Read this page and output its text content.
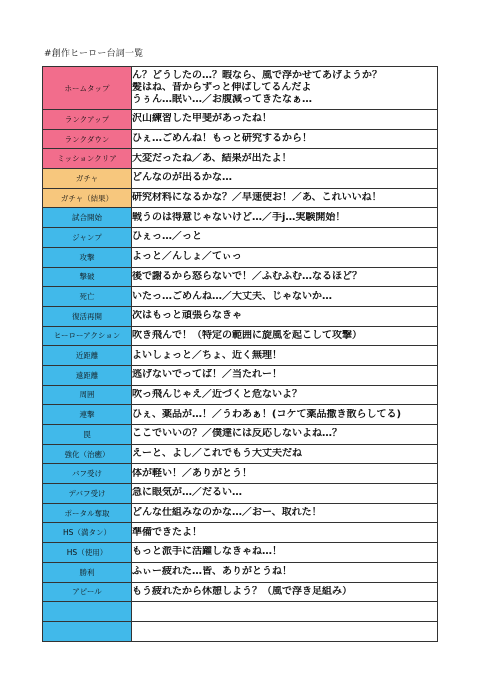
#創作ヒーロー台詞一覧
ホームタップ	ん？どうしたの…？暇なら、風で浮かせてあげようか？
髪はね、昔からずっと伸ばしてるんだよ
うぅん…眠い…／お腹減ってきたなぁ…

ランクアップ	沢山練習した甲斐があったね！

ランクダウン	ひぇ…ごめんね！もっと研究するから！

ミッションクリア	大変だったね／あ、結果が出たよ！

ガチャ	どんなのが出るかな…

ガチャ（結果）	研究材料になるかな？／早速使お！／あ、これいいね！

試合開始	戦うのは得意じゃないけど…／手j…実験開始！

ジャンプ	ひぇっ…／っと

攻撃	よっと／んしょ／てぃっ

撃破	後で謝るから怒らないで！／ふむふむ…なるほど？

死亡	いたっ…ごめんね…／大丈夫、じゃないか…

復活再開	次はもっと頑張らなきゃ

ヒーローアクション	吹き飛んで！（特定の範囲に旋風を起こして攻撃）

近距離	よいしょっと／ちょ、近く無理！

遠距離	逃げないでってば！／当たれー！

周囲	吹っ飛んじゃえ／近づくと危ないよ？

連撃	ひぇ、薬品が…！／うわあぁ！(コケて薬品撒き散らしてる)

罠	ここでいいの？／僕達には反応しないよね…？

強化（治癒）	えーと、よし／これでもう大丈夫だね

バフ受け	体が軽い！／ありがとう！

デバフ受け	急に眼気が…／だるい…

ポータル奪取	どんな仕組みなのかな…／おー、取れた！

HS（満タン）	準備できたよ！

HS（使用）	もっと派手に活躍しなきゃね…！

勝利	ふぃー疲れた…皆、ありがとうね！

アピール	もう疲れたから休憩しよう？（風で浮き足組み）
